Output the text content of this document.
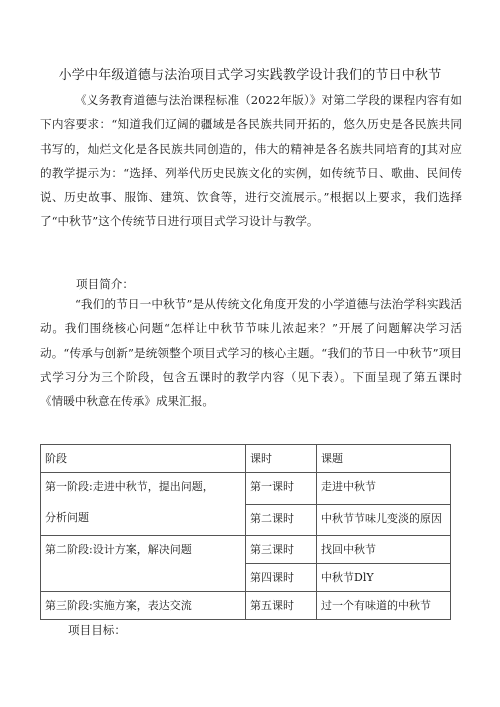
小学中年级道德与法治项目式学习实践教学设计我们的节日中秋节
《义务教育道德与法治课程标准（2022年版）》对第二学段的课程内容有如下内容要求：“知道我们辽阔的疆域是各民族共同开拓的，悠久历史是各民族共同书写的，灿烂文化是各民族共同创造的，伟大的精神是各名族共同培育的J其对应的教学提示为：“选择、列举代历史民族文化的实例，如传统节日、歌曲、民间传说、历史故事、服饰、建筑、饮食等，进行交流展示。”根据以上要求，我们选择了“中秋节”这个传统节日进行项目式学习设计与教学。
项目简介：
“我们的节日一中秋节”是从传统文化角度开发的小学道德与法治学科实践活动。我们围绕核心问题“怎样让中秋节节味儿浓起来？”开展了问题解决学习活动。“传承与创新”是统领整个项目式学习的核心主题。“我们的节日一中秋节”项目式学习分为三个阶段，包含五课时的教学内容（见下表）。下面呈现了第五课时《情暖中秋意在传承》成果汇报。
阶段	课时	课题

第一阶段:走进中秋节，提出问题，
分析问题	第一课时	走进中秋节
	第二课时	中秋节节味儿变淡的原因
第二阶段:设计方案，解决问题	第三课时	找回中秋节
	第四课时	中秋节DlY
第三阶段:实施方案，表达交流	第五课时	过一个有味道的中秋节
项目目标：
